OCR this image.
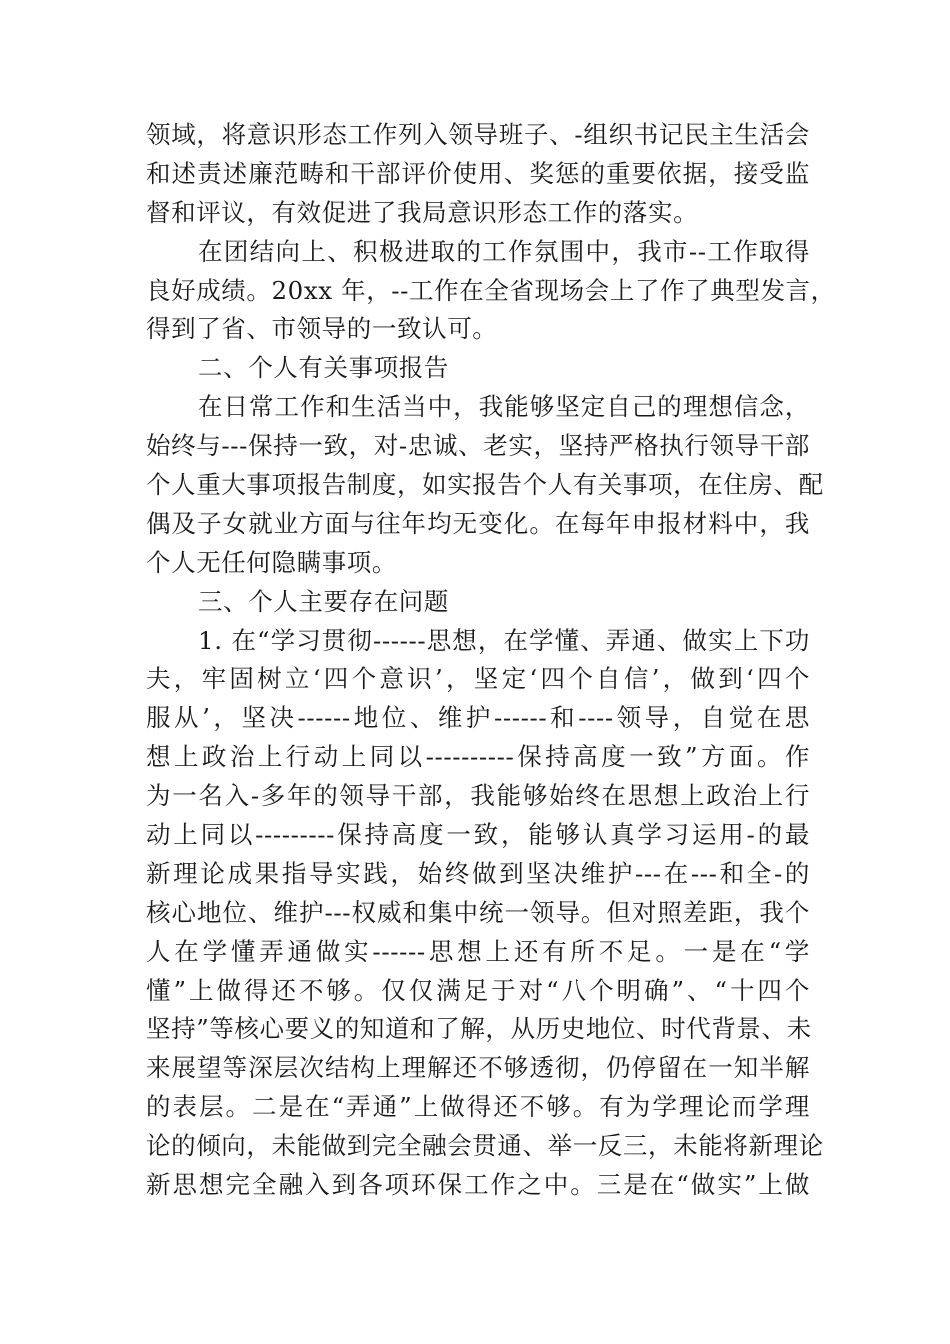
领域，将意识形态工作列入领导班子、-组织书记民主生活会
和述责述廉范畴和干部评价使用、奖惩的重要依据，接受监
督和评议，有效促进了我局意识形态工作的落实。
在团结向上、积极进取的工作氛围中，我市--工作取得
良好成绩。20xx 年，--工作在全省现场会上了作了典型发言，
得到了省、市领导的一致认可。
二、个人有关事项报告
在日常工作和生活当中，我能够坚定自己的理想信念，
始终与---保持一致，对-忠诚、老实，坚持严格执行领导干部
个人重大事项报告制度，如实报告个人有关事项，在住房、配
偶及子女就业方面与往年均无变化。在每年申报材料中，我
个人无任何隐瞒事项。
三、个人主要存在问题
1. 在“学习贯彻------思想，在学懂、弄通、做实上下功
夫，牢固树立‘四个意识’，坚定‘四个自信’，做到‘四个
服从’，坚决------地位、维护------和----领导，自觉在思
想上政治上行动上同以----------保持高度一致”方面。作
为一名入-多年的领导干部，我能够始终在思想上政治上行
动上同以---------保持高度一致，能够认真学习运用-的最
新理论成果指导实践，始终做到坚决维护---在---和全-的
核心地位、维护---权威和集中统一领导。但对照差距，我个
人在学懂弄通做实------思想上还有所不足。一是在“学
懂”上做得还不够。仅仅满足于对“八个明确”、“十四个
坚持”等核心要义的知道和了解，从历史地位、时代背景、未
来展望等深层次结构上理解还不够透彻，仍停留在一知半解
的表层。二是在“弄通”上做得还不够。有为学理论而学理
论的倾向，未能做到完全融会贯通、举一反三，未能将新理论
新思想完全融入到各项环保工作之中。三是在“做实”上做
